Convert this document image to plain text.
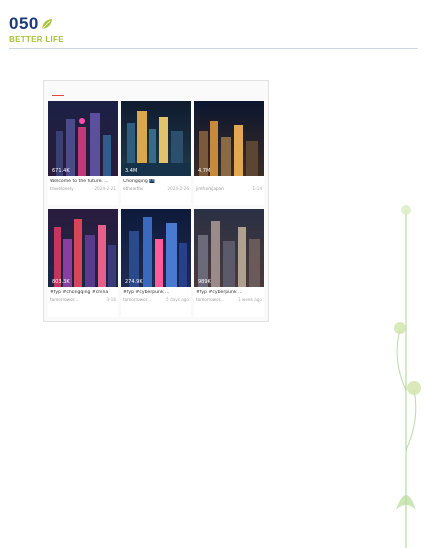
050
BETTER LIFE
671.4K
Welcome to the future. ...
travelonely	2024-2-21
3.4M
Chongqing 🌃
ethearths	2024-2-26
4.7M
jimfromjapan	1-14
803.3K
#fyp #chongqing #china
tomorrowor...	3-16
274.9K
#fyp #cyberpunk ...
tomorrowor...	5 days ago
989K
#fyp #cyberpunk ...
tomorrowor...	1 week ago
